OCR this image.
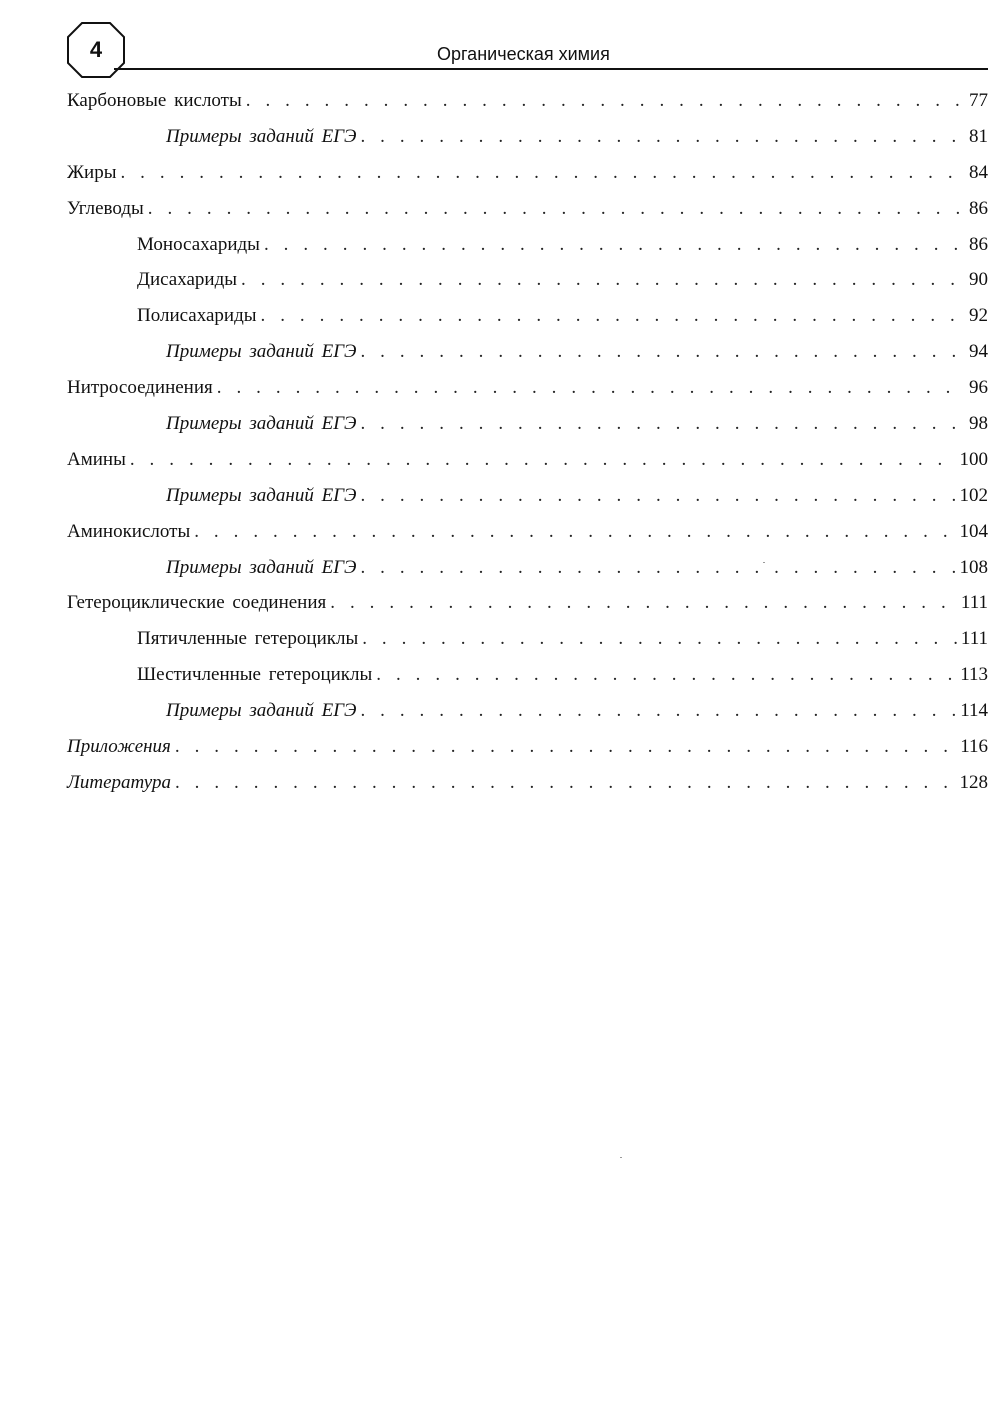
4	Органическая химия
Карбоновые кислоты . . .	77
Примеры заданий ЕГЭ . . .	81
Жиры . . .	84
Углеводы . . .	86
Моносахариды . . .	86
Дисахариды . . .	90
Полисахариды . . .	92
Примеры заданий ЕГЭ . . .	94
Нитросоединения . . .	96
Примеры заданий ЕГЭ . . .	98
Амины . . .	100
Примеры заданий ЕГЭ . . .	102
Аминокислоты . . .	104
Примеры заданий ЕГЭ . . .	108
Гетероциклические соединения . . .	111
Пятичленные гетероциклы . . .	111
Шестичленные гетероциклы . . .	113
Примеры заданий ЕГЭ . . .	114
Приложения . . .	116
Литература . . .	128
